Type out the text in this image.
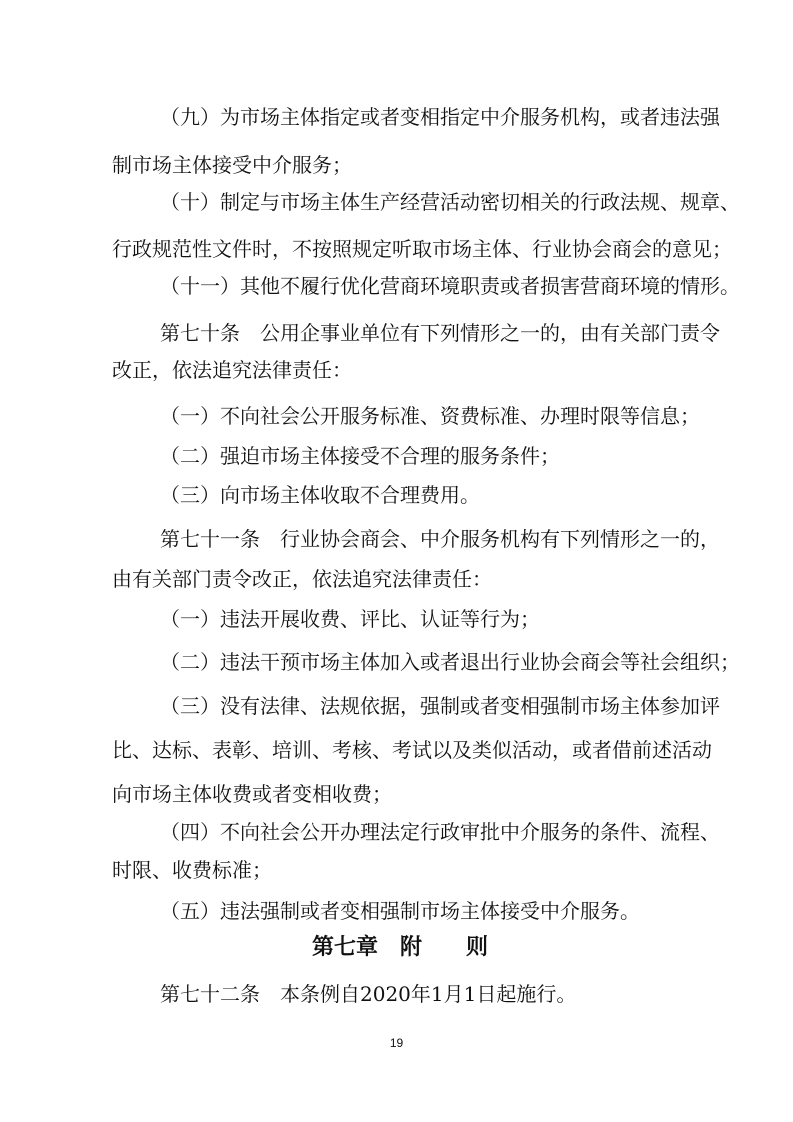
（九）为市场主体指定或者变相指定中介服务机构，或者违法强
制市场主体接受中介服务；
（十）制定与市场主体生产经营活动密切相关的行政法规、规章、
行政规范性文件时，不按照规定听取市场主体、行业协会商会的意见；
（十一）其他不履行优化营商环境职责或者损害营商环境的情形。
第七十条　公用企事业单位有下列情形之一的，由有关部门责令
改正，依法追究法律责任：
（一）不向社会公开服务标准、资费标准、办理时限等信息；
（二）强迫市场主体接受不合理的服务条件；
（三）向市场主体收取不合理费用。
第七十一条　行业协会商会、中介服务机构有下列情形之一的，
由有关部门责令改正，依法追究法律责任：
（一）违法开展收费、评比、认证等行为；
（二）违法干预市场主体加入或者退出行业协会商会等社会组织；
（三）没有法律、法规依据，强制或者变相强制市场主体参加评
比、达标、表彰、培训、考核、考试以及类似活动，或者借前述活动
向市场主体收费或者变相收费；
（四）不向社会公开办理法定行政审批中介服务的条件、流程、
时限、收费标准；
（五）违法强制或者变相强制市场主体接受中介服务。
第七章　附　　则
第七十二条　本条例自2020年1月1日起施行。
19
